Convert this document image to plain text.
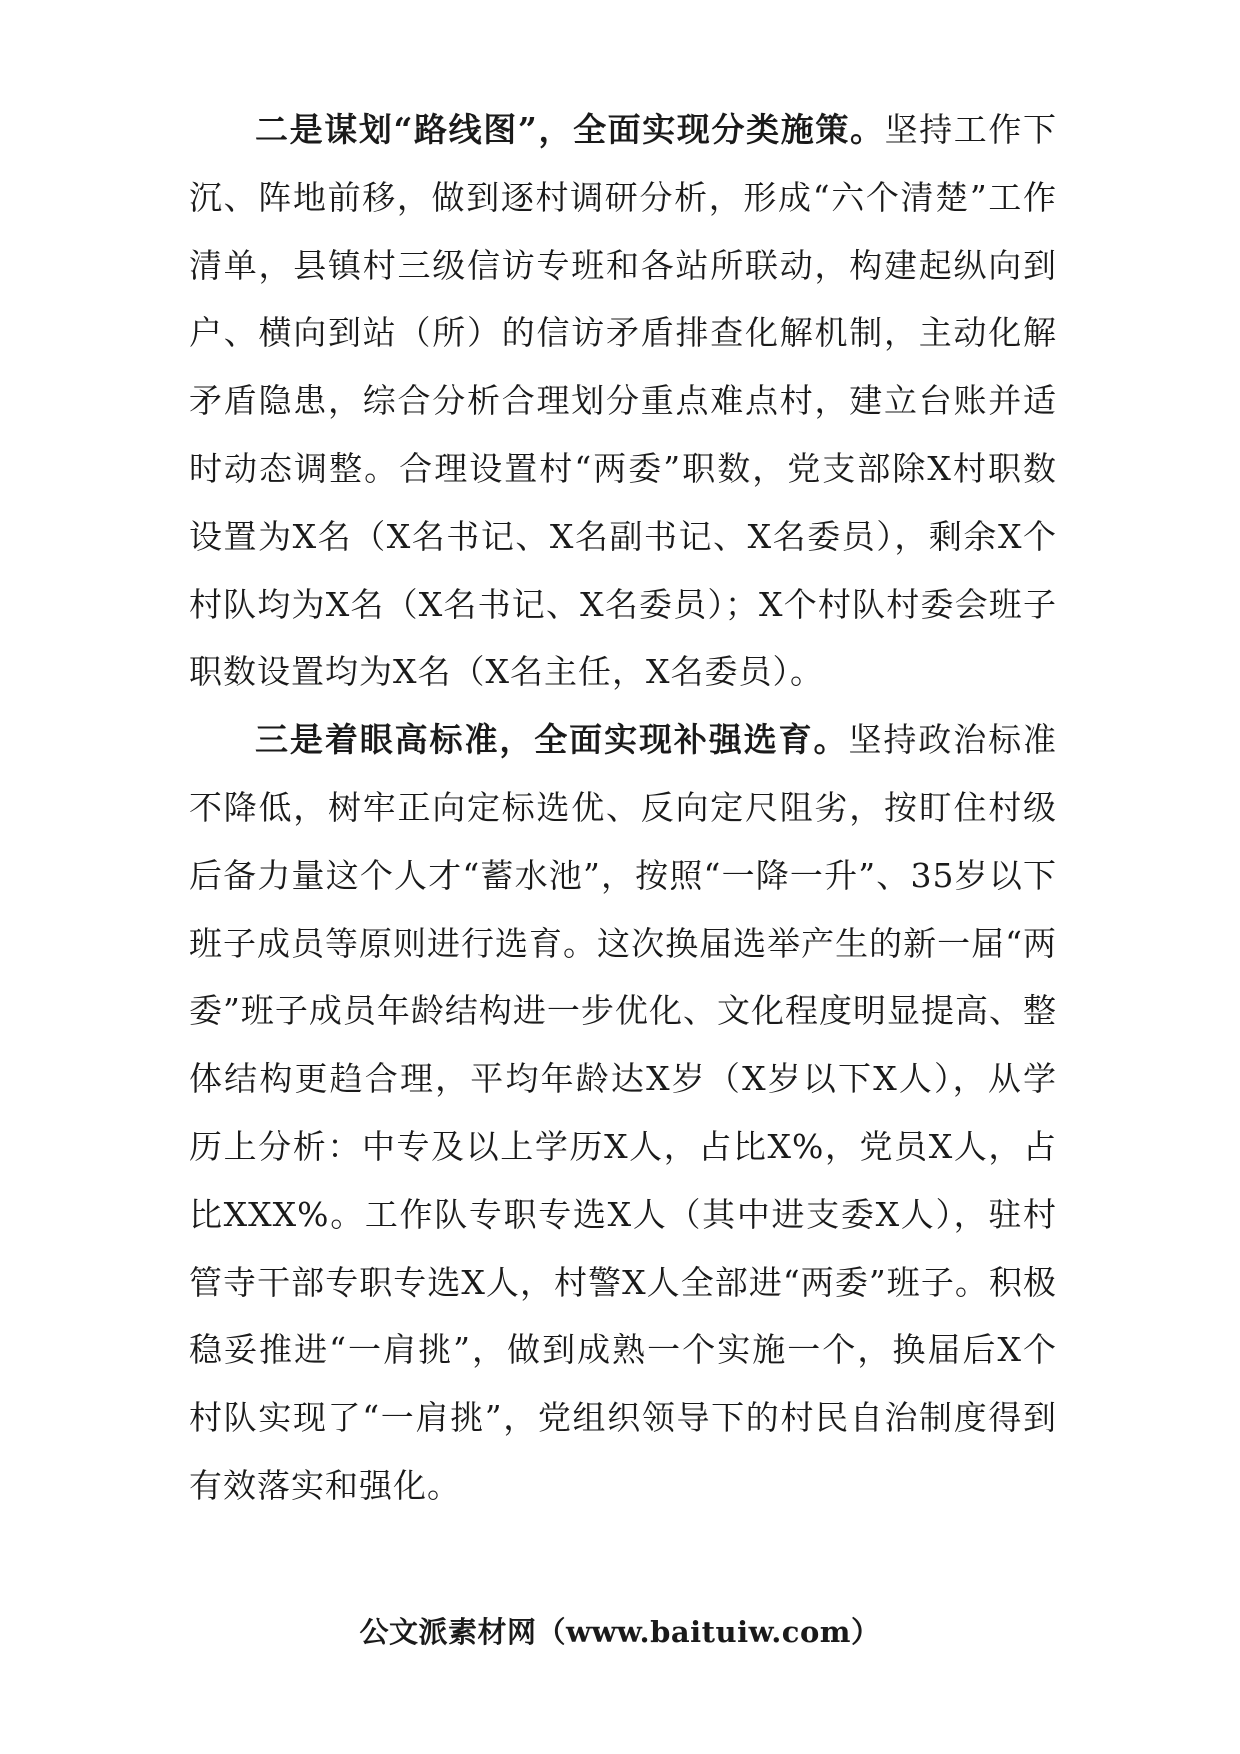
二是谋划“路线图”，全面实现分类施策。坚持工作下沉、阵地前移，做到逐村调研分析，形成“六个清楚”工作清单，县镇村三级信访专班和各站所联动，构建起纵向到户、横向到站（所）的信访矛盾排查化解机制，主动化解矛盾隐患，综合分析合理划分重点难点村，建立台账并适时动态调整。合理设置村“两委”职数，党支部除X村职数设置为X名（X名书记、X名副书记、X名委员），剩余X个村队均为X名（X名书记、X名委员）；X个村队村委会班子职数设置均为X名（X名主任，X名委员）。

三是着眼高标准，全面实现补强选育。坚持政治标准不降低，树牢正向定标选优、反向定尺阻劣，按盯住村级后备力量这个人才“蓄水池”，按照“一降一升”、35岁以下班子成员等原则进行选育。这次换届选举产生的新一届“两委”班子成员年龄结构进一步优化、文化程度明显提高、整体结构更趋合理，平均年龄达X岁（X岁以下X人），从学历上分析：中专及以上学历X人，占比X%，党员X人，占比XXX%。工作队专职专选X人（其中进支委X人），驻村管寺干部专职专选X人，村警X人全部进“两委”班子。积极稳妥推进“一肩挑”，做到成熟一个实施一个，换届后X个村队实现了“一肩挑”，党组织领导下的村民自治制度得到有效落实和强化。

公文派素材网（www.baituiw.com）
